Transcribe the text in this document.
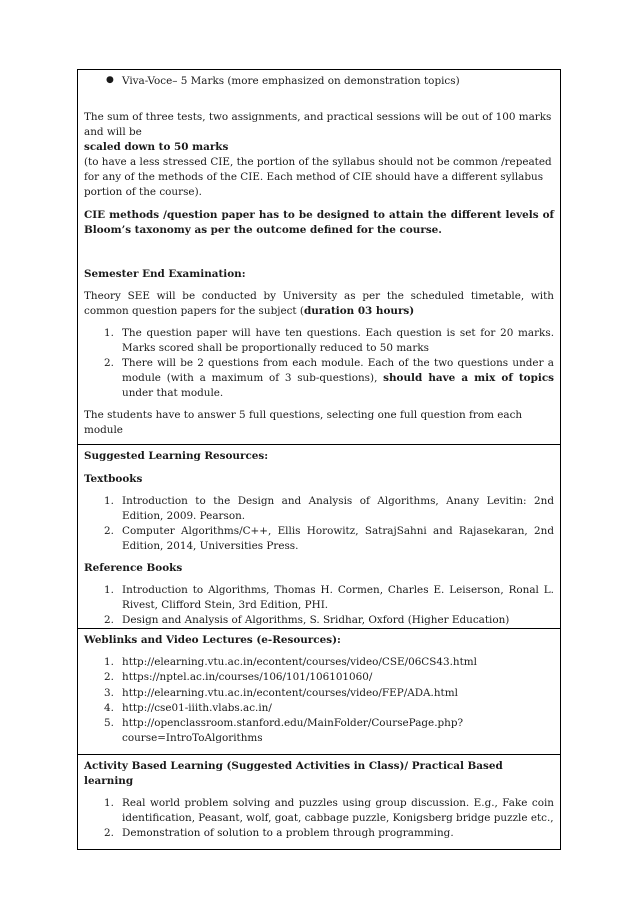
● Viva-Voce– 5 Marks (more emphasized on demonstration topics)

The sum of three tests, two assignments, and practical sessions will be out of 100 marks and will be
scaled down to 50 marks
(to have a less stressed CIE, the portion of the syllabus should not be common /repeated for any of the methods of the CIE. Each method of CIE should have a different syllabus portion of the course).

CIE methods /question paper has to be designed to attain the different levels of Bloom’s taxonomy as per the outcome defined for the course.

Semester End Examination:

Theory SEE will be conducted by University as per the scheduled timetable, with common question papers for the subject (duration 03 hours)

1. The question paper will have ten questions. Each question is set for 20 marks. Marks scored shall be proportionally reduced to 50 marks
2. There will be 2 questions from each module. Each of the two questions under a module (with a maximum of 3 sub-questions), should have a mix of topics under that module.

The students have to answer 5 full questions, selecting one full question from each module

Suggested Learning Resources:

Textbooks

1. Introduction to the Design and Analysis of Algorithms, Anany Levitin: 2nd Edition, 2009. Pearson.
2. Computer Algorithms/C++, Ellis Horowitz, SatrajSahni and Rajasekaran, 2nd Edition, 2014, Universities Press.

Reference Books

1. Introduction to Algorithms, Thomas H. Cormen, Charles E. Leiserson, Ronal L. Rivest, Clifford Stein, 3rd Edition, PHI.
2. Design and Analysis of Algorithms, S. Sridhar, Oxford (Higher Education)

Weblinks and Video Lectures (e-Resources):

1. http://elearning.vtu.ac.in/econtent/courses/video/CSE/06CS43.html
2. https://nptel.ac.in/courses/106/101/106101060/
3. http://elearning.vtu.ac.in/econtent/courses/video/FEP/ADA.html
4. http://cse01-iiith.vlabs.ac.in/
5. http://openclassroom.stanford.edu/MainFolder/CoursePage.php?course=IntroToAlgorithms

Activity Based Learning (Suggested Activities in Class)/ Practical Based learning

1. Real world problem solving and puzzles using group discussion. E.g., Fake coin identification, Peasant, wolf, goat, cabbage puzzle, Konigsberg bridge puzzle etc.,
2. Demonstration of solution to a problem through programming.
